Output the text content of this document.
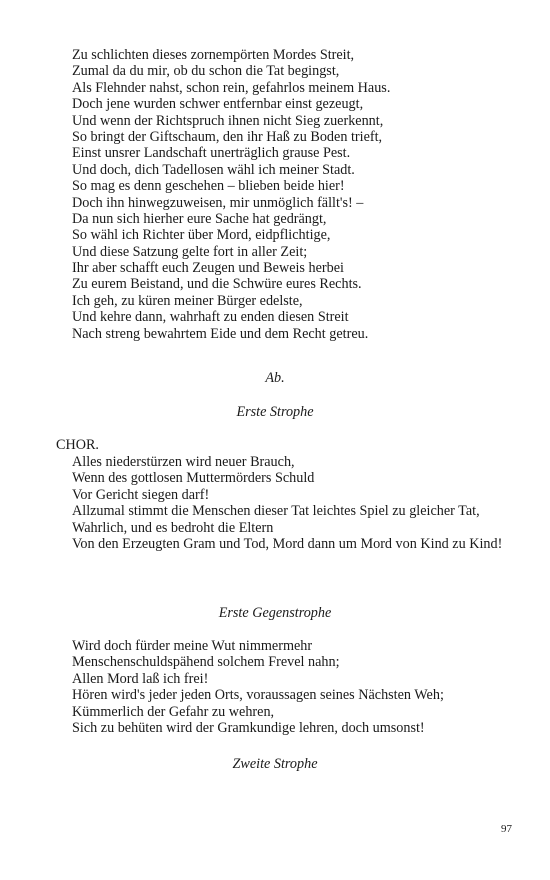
Zu schlichten dieses zornempörten Mordes Streit,
Zumal da du mir, ob du schon die Tat begingst,
Als Flehnder nahst, schon rein, gefahrlos meinem Haus.
Doch jene wurden schwer entfernbar einst gezeugt,
Und wenn der Richtspruch ihnen nicht Sieg zuerkennt,
So bringt der Giftschaum, den ihr Haß zu Boden trieft,
Einst unsrer Landschaft unerträglich grause Pest.
Und doch, dich Tadellosen wähl ich meiner Stadt.
So mag es denn geschehen – blieben beide hier!
Doch ihn hinwegzuweisen, mir unmöglich fällt's! –
Da nun sich hierher eure Sache hat gedrängt,
So wähl ich Richter über Mord, eidpflichtige,
Und diese Satzung gelte fort in aller Zeit;
Ihr aber schafft euch Zeugen und Beweis herbei
Zu eurem Beistand, und die Schwüre eures Rechts.
Ich geh, zu küren meiner Bürger edelste,
Und kehre dann, wahrhaft zu enden diesen Streit
Nach streng bewahrtem Eide und dem Recht getreu.
Ab.
Erste Strophe
CHOR.
Alles niederstürzen wird neuer Brauch,
Wenn des gottlosen Muttermörders Schuld
Vor Gericht siegen darf!
Allzumal stimmt die Menschen dieser Tat leichtes Spiel zu gleicher Tat,
Wahrlich, und es bedroht die Eltern
Von den Erzeugten Gram und Tod, Mord dann um Mord von Kind zu Kind!
Erste Gegenstrophe
Wird doch fürder meine Wut nimmermehr
Menschenschuldspähend solchem Frevel nahn;
Allen Mord laß ich frei!
Hören wird's jeder jeden Orts, voraussagen seines Nächsten Weh;
Kümmerlich der Gefahr zu wehren,
Sich zu behüten wird der Gramkundige lehren, doch umsonst!
Zweite Strophe
97
